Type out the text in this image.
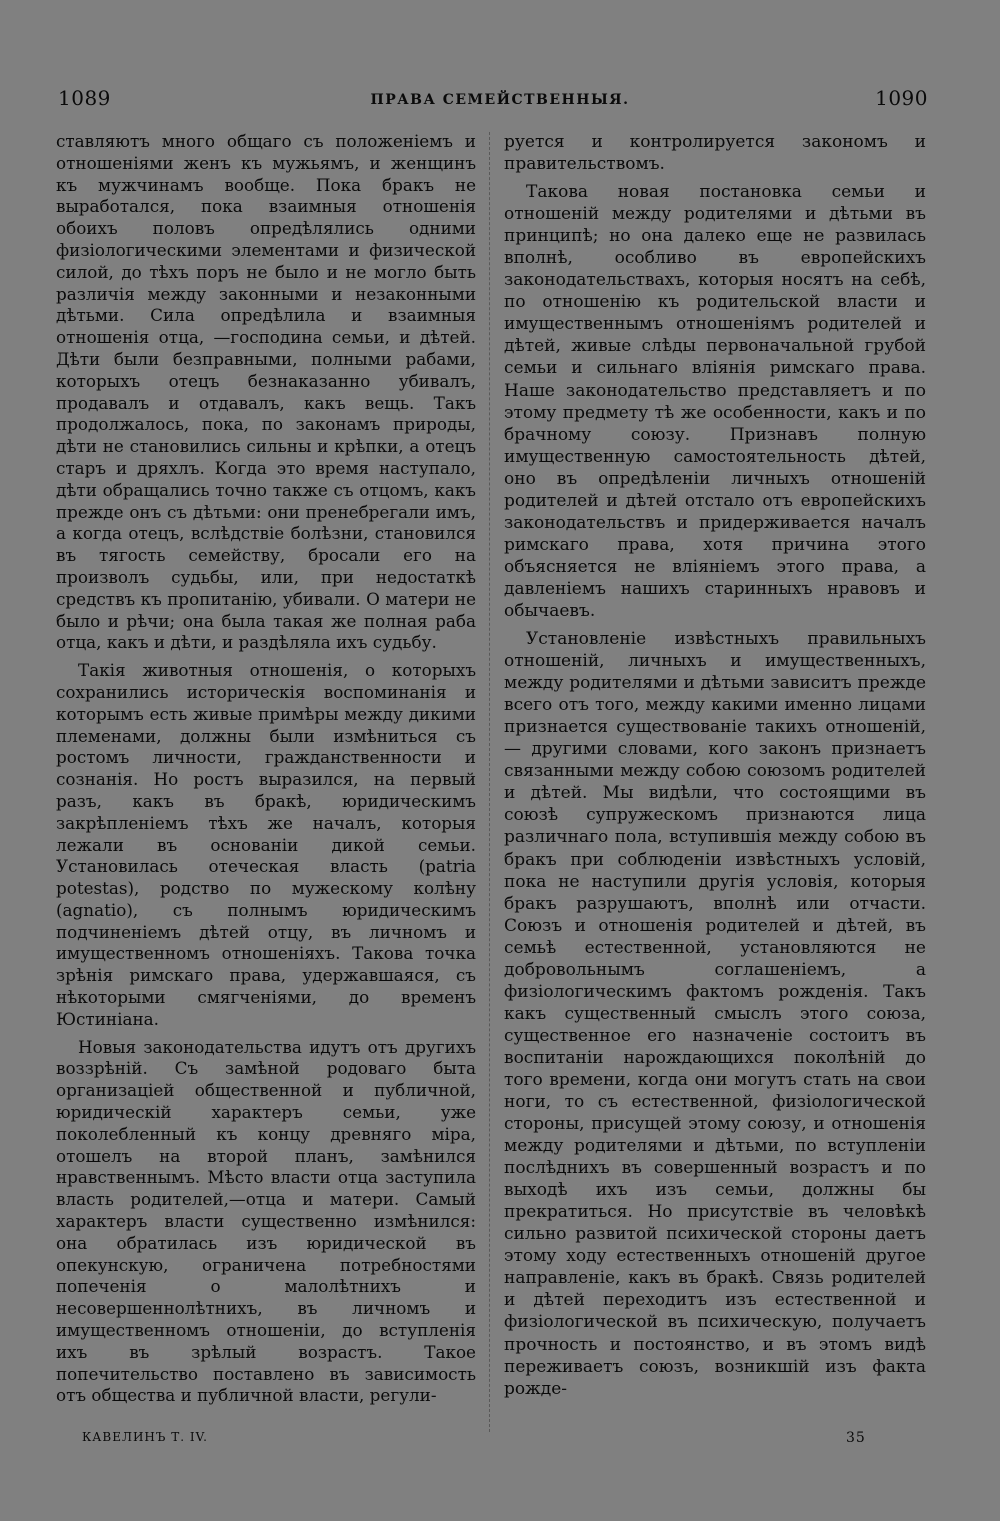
1089	ПРАВА СЕМЕЙСТВЕННЫЯ.	1090

ставляютъ много общаго съ положеніемъ и отношеніями женъ къ мужьямъ, и женщинъ къ мужчинамъ вообще. Пока бракъ не выработался, пока взаимныя отношенія обоихъ половъ опредѣлялись одними физіологическими элементами и физической силой, до тѣхъ поръ не было и не могло быть различія между законными и незаконными дѣтьми. Сила опредѣлила и взаимныя отношенія отца, —господина семьи, и дѣтей. Дѣти были безправными, полными рабами, которыхъ отецъ безнаказанно убивалъ, продавалъ и отдавалъ, какъ вещь. Такъ продолжалось, пока, по законамъ природы, дѣти не становились сильны и крѣпки, а отецъ старъ и дряхлъ. Когда это время наступало, дѣти обращались точно также съ отцомъ, какъ прежде онъ съ дѣтьми: они пренебрегали имъ, а когда отецъ, вслѣдствіе болѣзни, становился въ тягость семейству, бросали его на произволъ судьбы, или, при недостаткѣ средствъ къ пропитанію, убивали. О матери не было и рѣчи; она была такая же полная раба отца, какъ и дѣти, и раздѣляла ихъ судьбу.

Такія животныя отношенія, о которыхъ сохранились историческія воспоминанія и которымъ есть живые примѣры между дикими племенами, должны были измѣниться съ ростомъ личности, гражданственности и сознанія. Но ростъ выразился, на первый разъ, какъ въ бракѣ, юридическимъ закрѣпленіемъ тѣхъ же началъ, которыя лежали въ основаніи дикой семьи. Установилась отеческая власть (patria potestas), родство по мужескому колѣну (agnatio), съ полнымъ юридическимъ подчиненіемъ дѣтей отцу, въ личномъ и имущественномъ отношеніяхъ. Такова точка зрѣнія римскаго права, удержавшаяся, съ нѣкоторыми смягченіями, до временъ Юстиніана.

Новыя законодательства идутъ отъ другихъ воззрѣній. Съ замѣной родоваго быта организаціей общественной и публичной, юридическій характеръ семьи, уже поколебленный къ концу древняго міра, отошелъ на второй планъ, замѣнился нравственнымъ. Мѣсто власти отца заступила власть родителей,—отца и матери. Самый характеръ власти существенно измѣнился: она обратилась изъ юридической въ опекунскую, ограничена потребностями попеченія о малолѣтнихъ и несовершеннолѣтнихъ, въ личномъ и имущественномъ отношеніи, до вступленія ихъ въ зрѣлый возрастъ. Такое попечительство поставлено въ зависимость отъ общества и публичной власти, регули-

руется и контролируется закономъ и правительствомъ.

Такова новая постановка семьи и отношеній между родителями и дѣтьми въ принципѣ; но она далеко еще не развилась вполнѣ, особливо въ европейскихъ законодательствахъ, которыя носятъ на себѣ, по отношенію къ родительской власти и имущественнымъ отношеніямъ родителей и дѣтей, живые слѣды первоначальной грубой семьи и сильнаго вліянія римскаго права. Наше законодательство представляетъ и по этому предмету тѣ же особенности, какъ и по брачному союзу. Признавъ полную имущественную самостоятельность дѣтей, оно въ опредѣленіи личныхъ отношеній родителей и дѣтей отстало отъ европейскихъ законодательствъ и придерживается началъ римскаго права, хотя причина этого объясняется не вліяніемъ этого права, а давленіемъ нашихъ старинныхъ нравовъ и обычаевъ.

Установленіе извѣстныхъ правильныхъ отношеній, личныхъ и имущественныхъ, между родителями и дѣтьми зависитъ прежде всего отъ того, между какими именно лицами признается существованіе такихъ отношеній,— другими словами, кого законъ признаетъ связанными между собою союзомъ родителей и дѣтей. Мы видѣли, что состоящими въ союзѣ супружескомъ признаются лица различнаго пола, вступившія между собою въ бракъ при соблюденіи извѣстныхъ условій, пока не наступили другія условія, которыя бракъ разрушаютъ, вполнѣ или отчасти. Союзъ и отношенія родителей и дѣтей, въ семьѣ естественной, установляются не добровольнымъ соглашеніемъ, а физіологическимъ фактомъ рожденія. Такъ какъ существенный смыслъ этого союза, существенное его назначеніе состоитъ въ воспитаніи нарождающихся поколѣній до того времени, когда они могутъ стать на свои ноги, то съ естественной, физіологической стороны, присущей этому союзу, и отношенія между родителями и дѣтьми, по вступленіи послѣднихъ въ совершенный возрастъ и по выходѣ ихъ изъ семьи, должны бы прекратиться. Но присутствіе въ человѣкѣ сильно развитой психической стороны даетъ этому ходу естественныхъ отношеній другое направленіе, какъ въ бракѣ. Связь родителей и дѣтей переходитъ изъ естественной и физіологической въ психическую, получаетъ прочность и постоянство, и въ этомъ видѣ переживаетъ союзъ, возникшій изъ факта рожде-

КАВЕЛИНЪ Т. IV.	35
